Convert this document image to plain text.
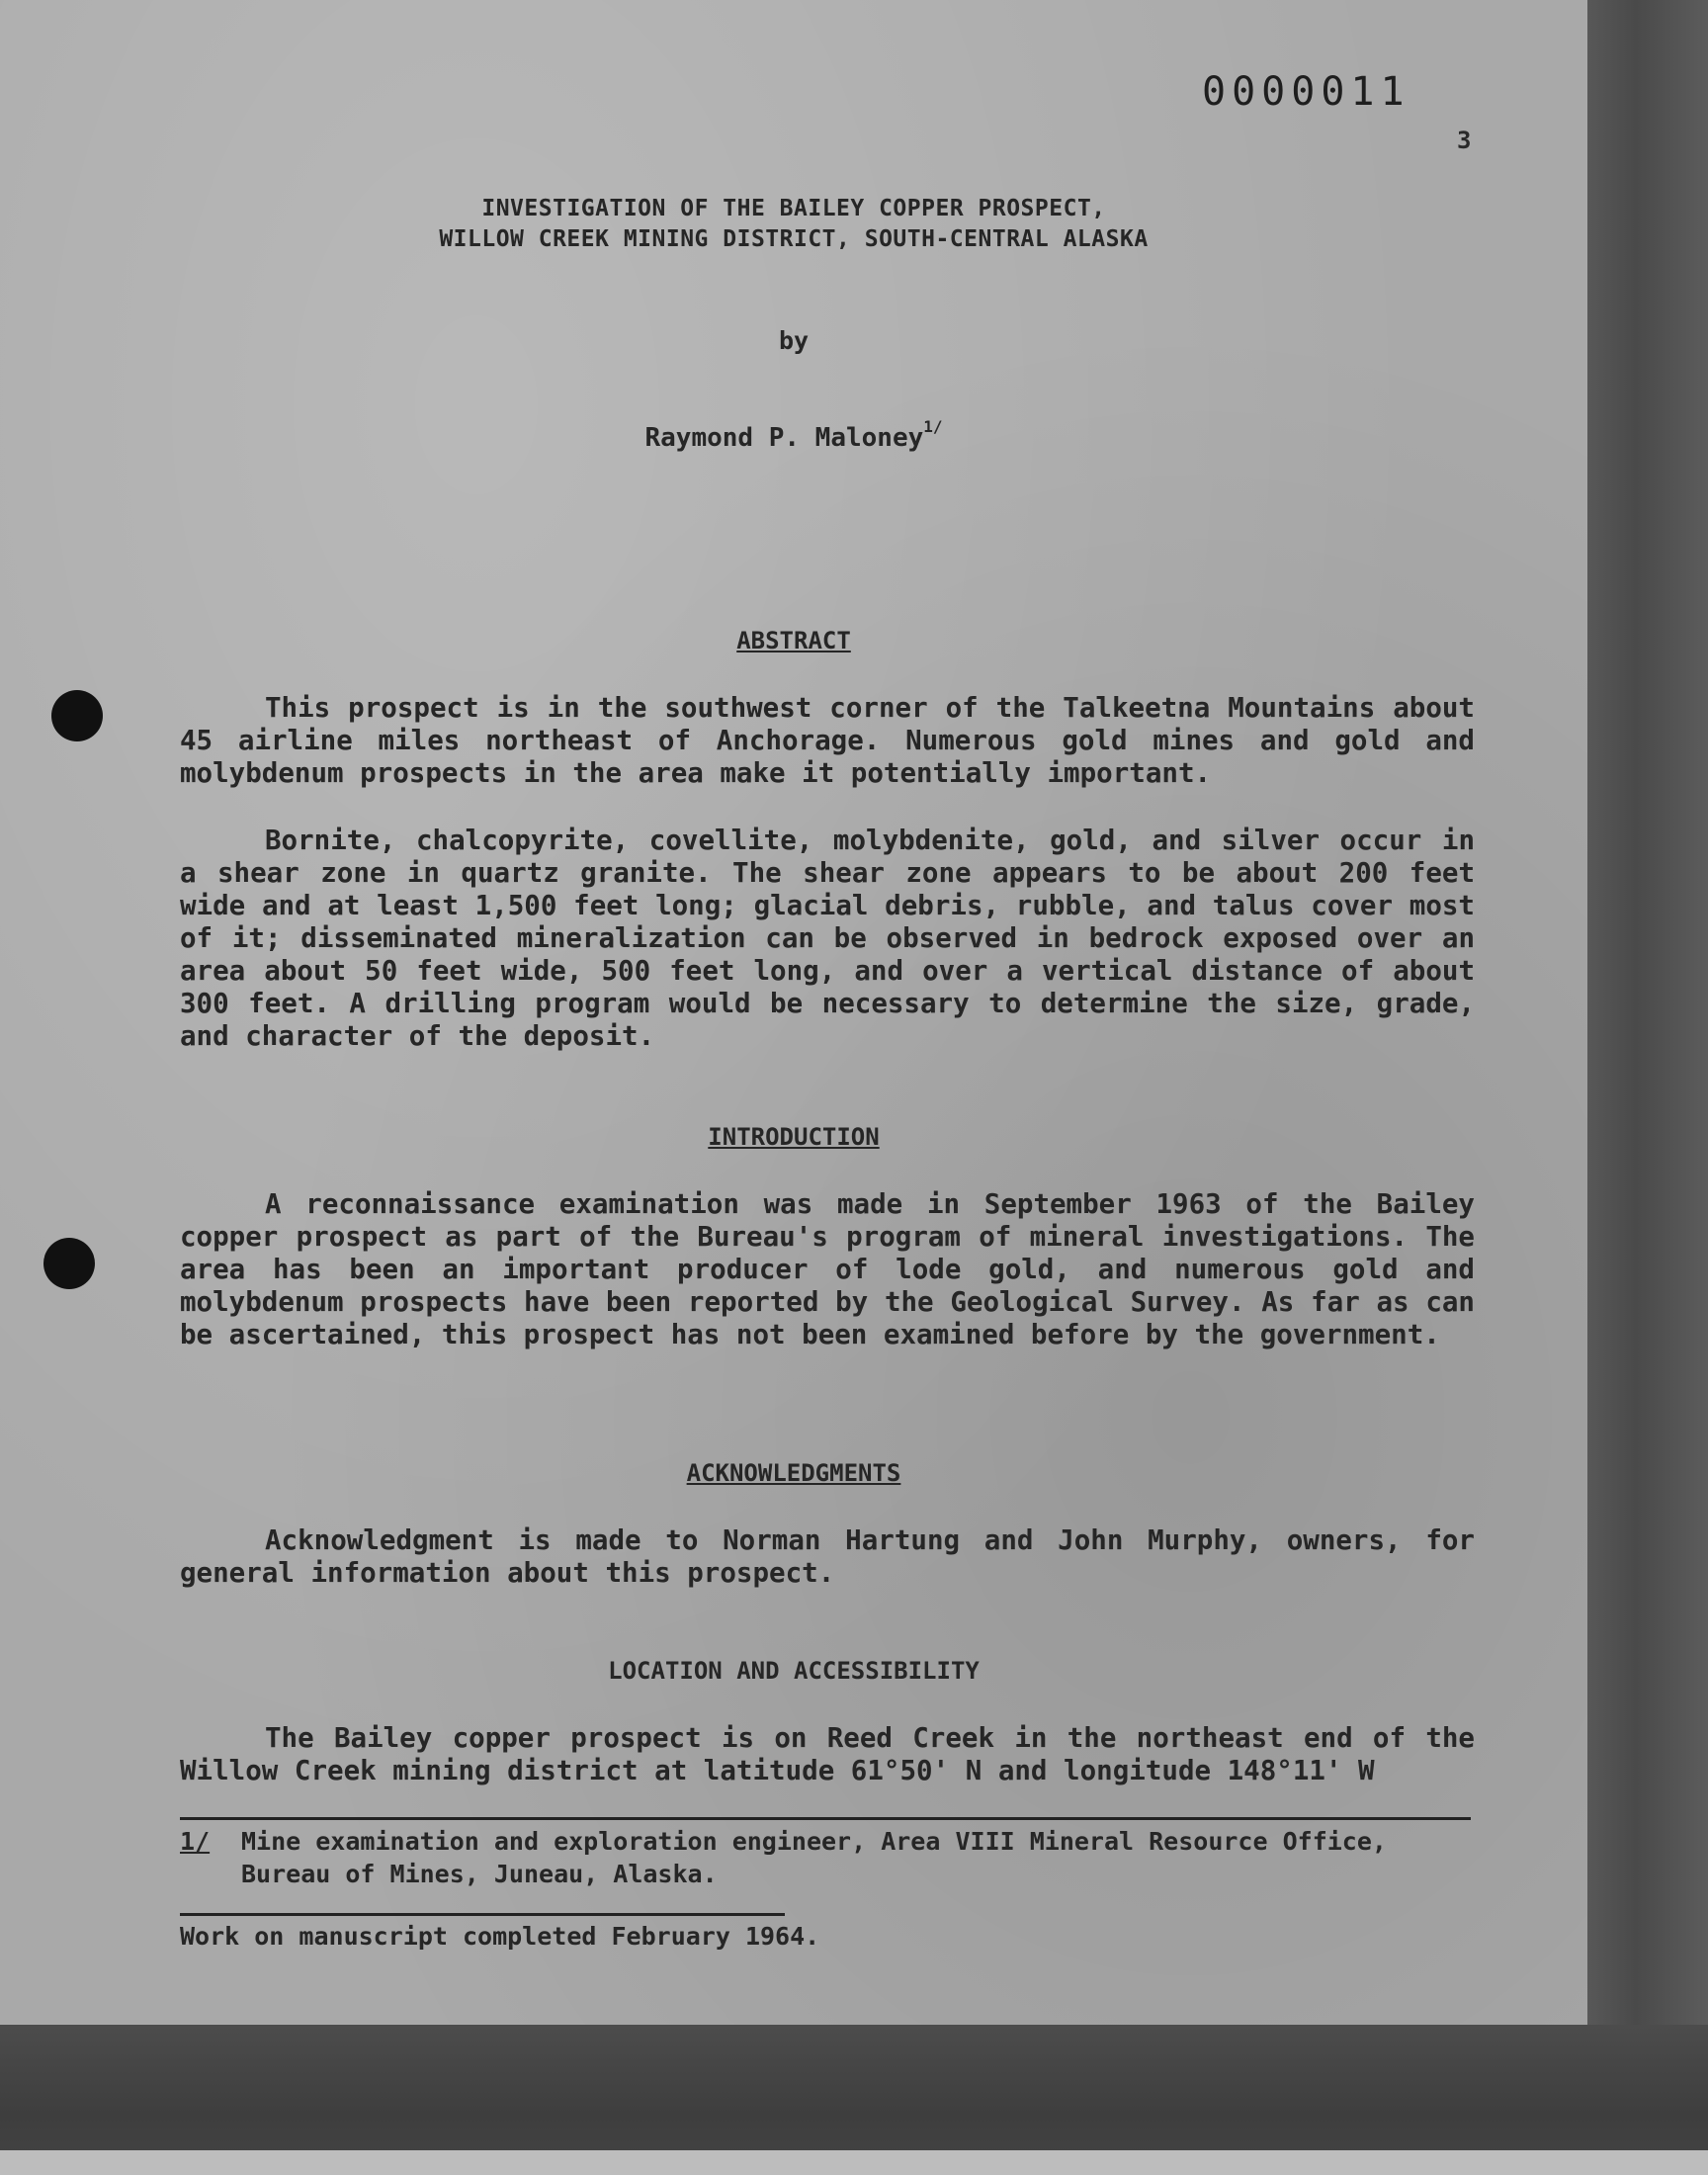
0000011
3

INVESTIGATION OF THE BAILEY COPPER PROSPECT,

WILLOW CREEK MINING DISTRICT, SOUTH-CENTRAL ALASKA

by

Raymond P. Maloney$^{1/}$

ABSTRACT

This prospect is in the southwest corner of the Talkeetna Mountains about 45 airline miles northeast of Anchorage. Numerous gold mines and gold and molybdenum prospects in the area make it potentially important.

Bornite, chalcopyrite, covellite, molybdenite, gold, and silver occur in a shear zone in quartz granite. The shear zone appears to be about 200 feet wide and at least 1,500 feet long; glacial debris, rubble, and talus cover most of it; disseminated mineralization can be observed in bedrock exposed over an area about 50 feet wide, 500 feet long, and over a vertical distance of about 300 feet. A drilling program would be necessary to determine the size, grade, and character of the deposit.

INTRODUCTION

A reconnaissance examination was made in September 1963 of the Bailey copper prospect as part of the Bureau's program of mineral investigations. The area has been an important producer of lode gold, and numerous gold and molybdenum prospects have been reported by the Geological Survey. As far as can be ascertained, this prospect has not been examined before by the government.

ACKNOWLEDGMENTS

Acknowledgment is made to Norman Hartung and John Murphy, owners, for general information about this prospect.

LOCATION AND ACCESSIBILITY

The Bailey copper prospect is on Reed Creek in the northeast end of the Willow Creek mining district at latitude 61°50' N and longitude 148°11' W

1/ Mine examination and exploration engineer, Area VIII Mineral Resource Office, Bureau of Mines, Juneau, Alaska.

Work on manuscript completed February 1964.
